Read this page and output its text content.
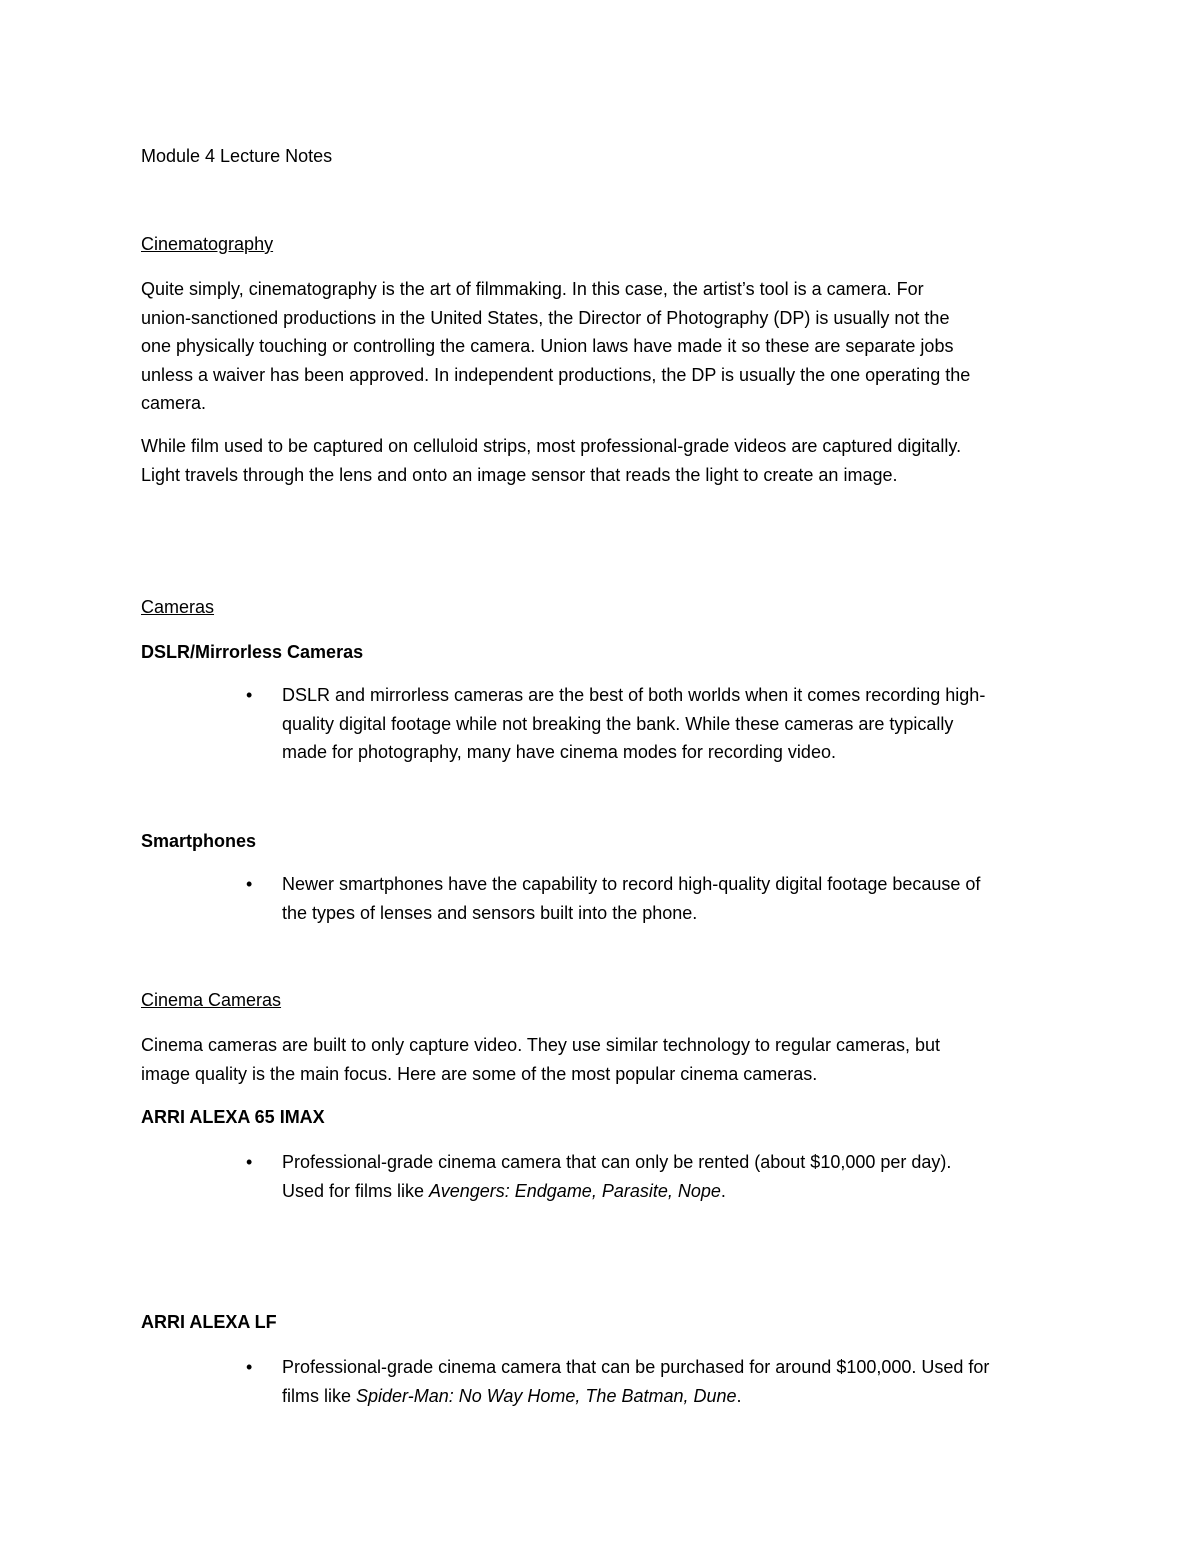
Module 4 Lecture Notes

Cinematography

Quite simply, cinematography is the art of filmmaking. In this case, the artist’s tool is a camera. For

union-sanctioned productions in the United States, the Director of Photography (DP) is usually not the

one physically touching or controlling the camera. Union laws have made it so these are separate jobs

unless a waiver has been approved. In independent productions, the DP is usually the one operating the

camera.

While film used to be captured on celluloid strips, most professional-grade videos are captured digitally.

Light travels through the lens and onto an image sensor that reads the light to create an image.

Cameras

DSLR/Mirrorless Cameras

• DSLR and mirrorless cameras are the best of both worlds when it comes recording high-
quality digital footage while not breaking the bank. While these cameras are typically
made for photography, many have cinema modes for recording video.

Smartphones

• Newer smartphones have the capability to record high-quality digital footage because of
the types of lenses and sensors built into the phone.

Cinema Cameras

Cinema cameras are built to only capture video. They use similar technology to regular cameras, but

image quality is the main focus. Here are some of the most popular cinema cameras.

ARRI ALEXA 65 IMAX

• Professional-grade cinema camera that can only be rented (about $10,000 per day).
Used for films like Avengers: Endgame, Parasite, Nope.

ARRI ALEXA LF

• Professional-grade cinema camera that can be purchased for around $100,000. Used for
films like Spider-Man: No Way Home, The Batman, Dune.
